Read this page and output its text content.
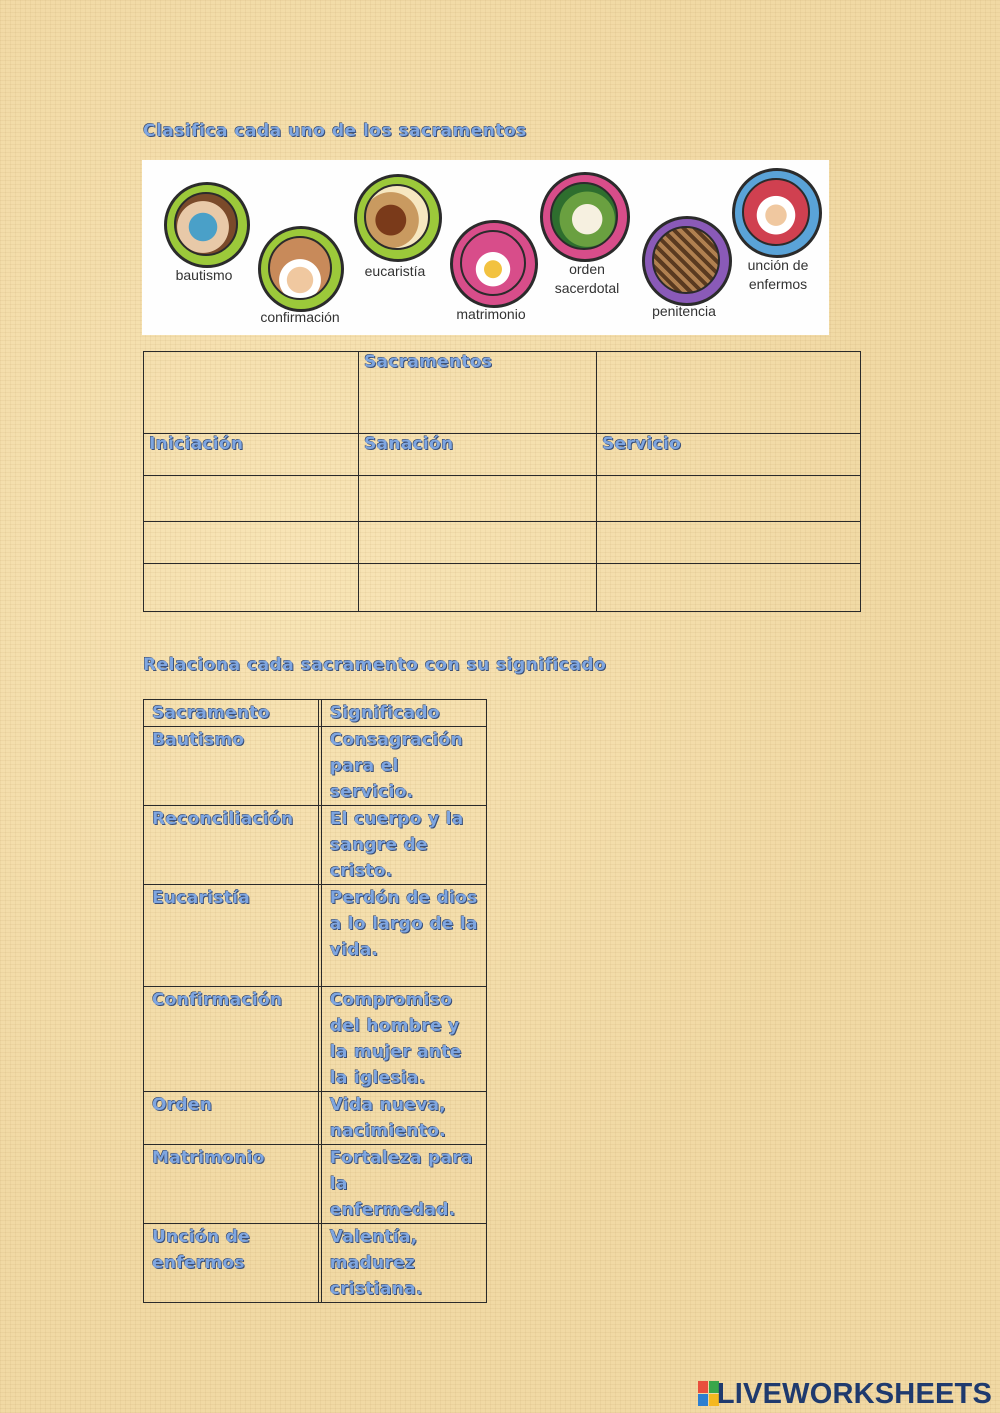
Clasifica cada uno de los sacramentos
bautismo
confirmación
eucaristía
matrimonio
orden
sacerdotal
penitencia
unción de
enfermos
	Sacramentos	
Iniciación	Sanación	Servicio

Relaciona cada sacramento con su significado
Sacramento		Significado
Bautismo		Consagración para el servicio.
Reconciliación		El cuerpo y la sangre de cristo.
Eucaristía		Perdón de dios a lo largo de la vida.
Confirmación		Compromiso del hombre y la mujer ante la iglesia.
Orden		Vida nueva, nacimiento.
Matrimonio		Fortaleza para la enfermedad.
Unción de enfermos		Valentía, madurez cristiana.
LIVEWORKSHEETS
